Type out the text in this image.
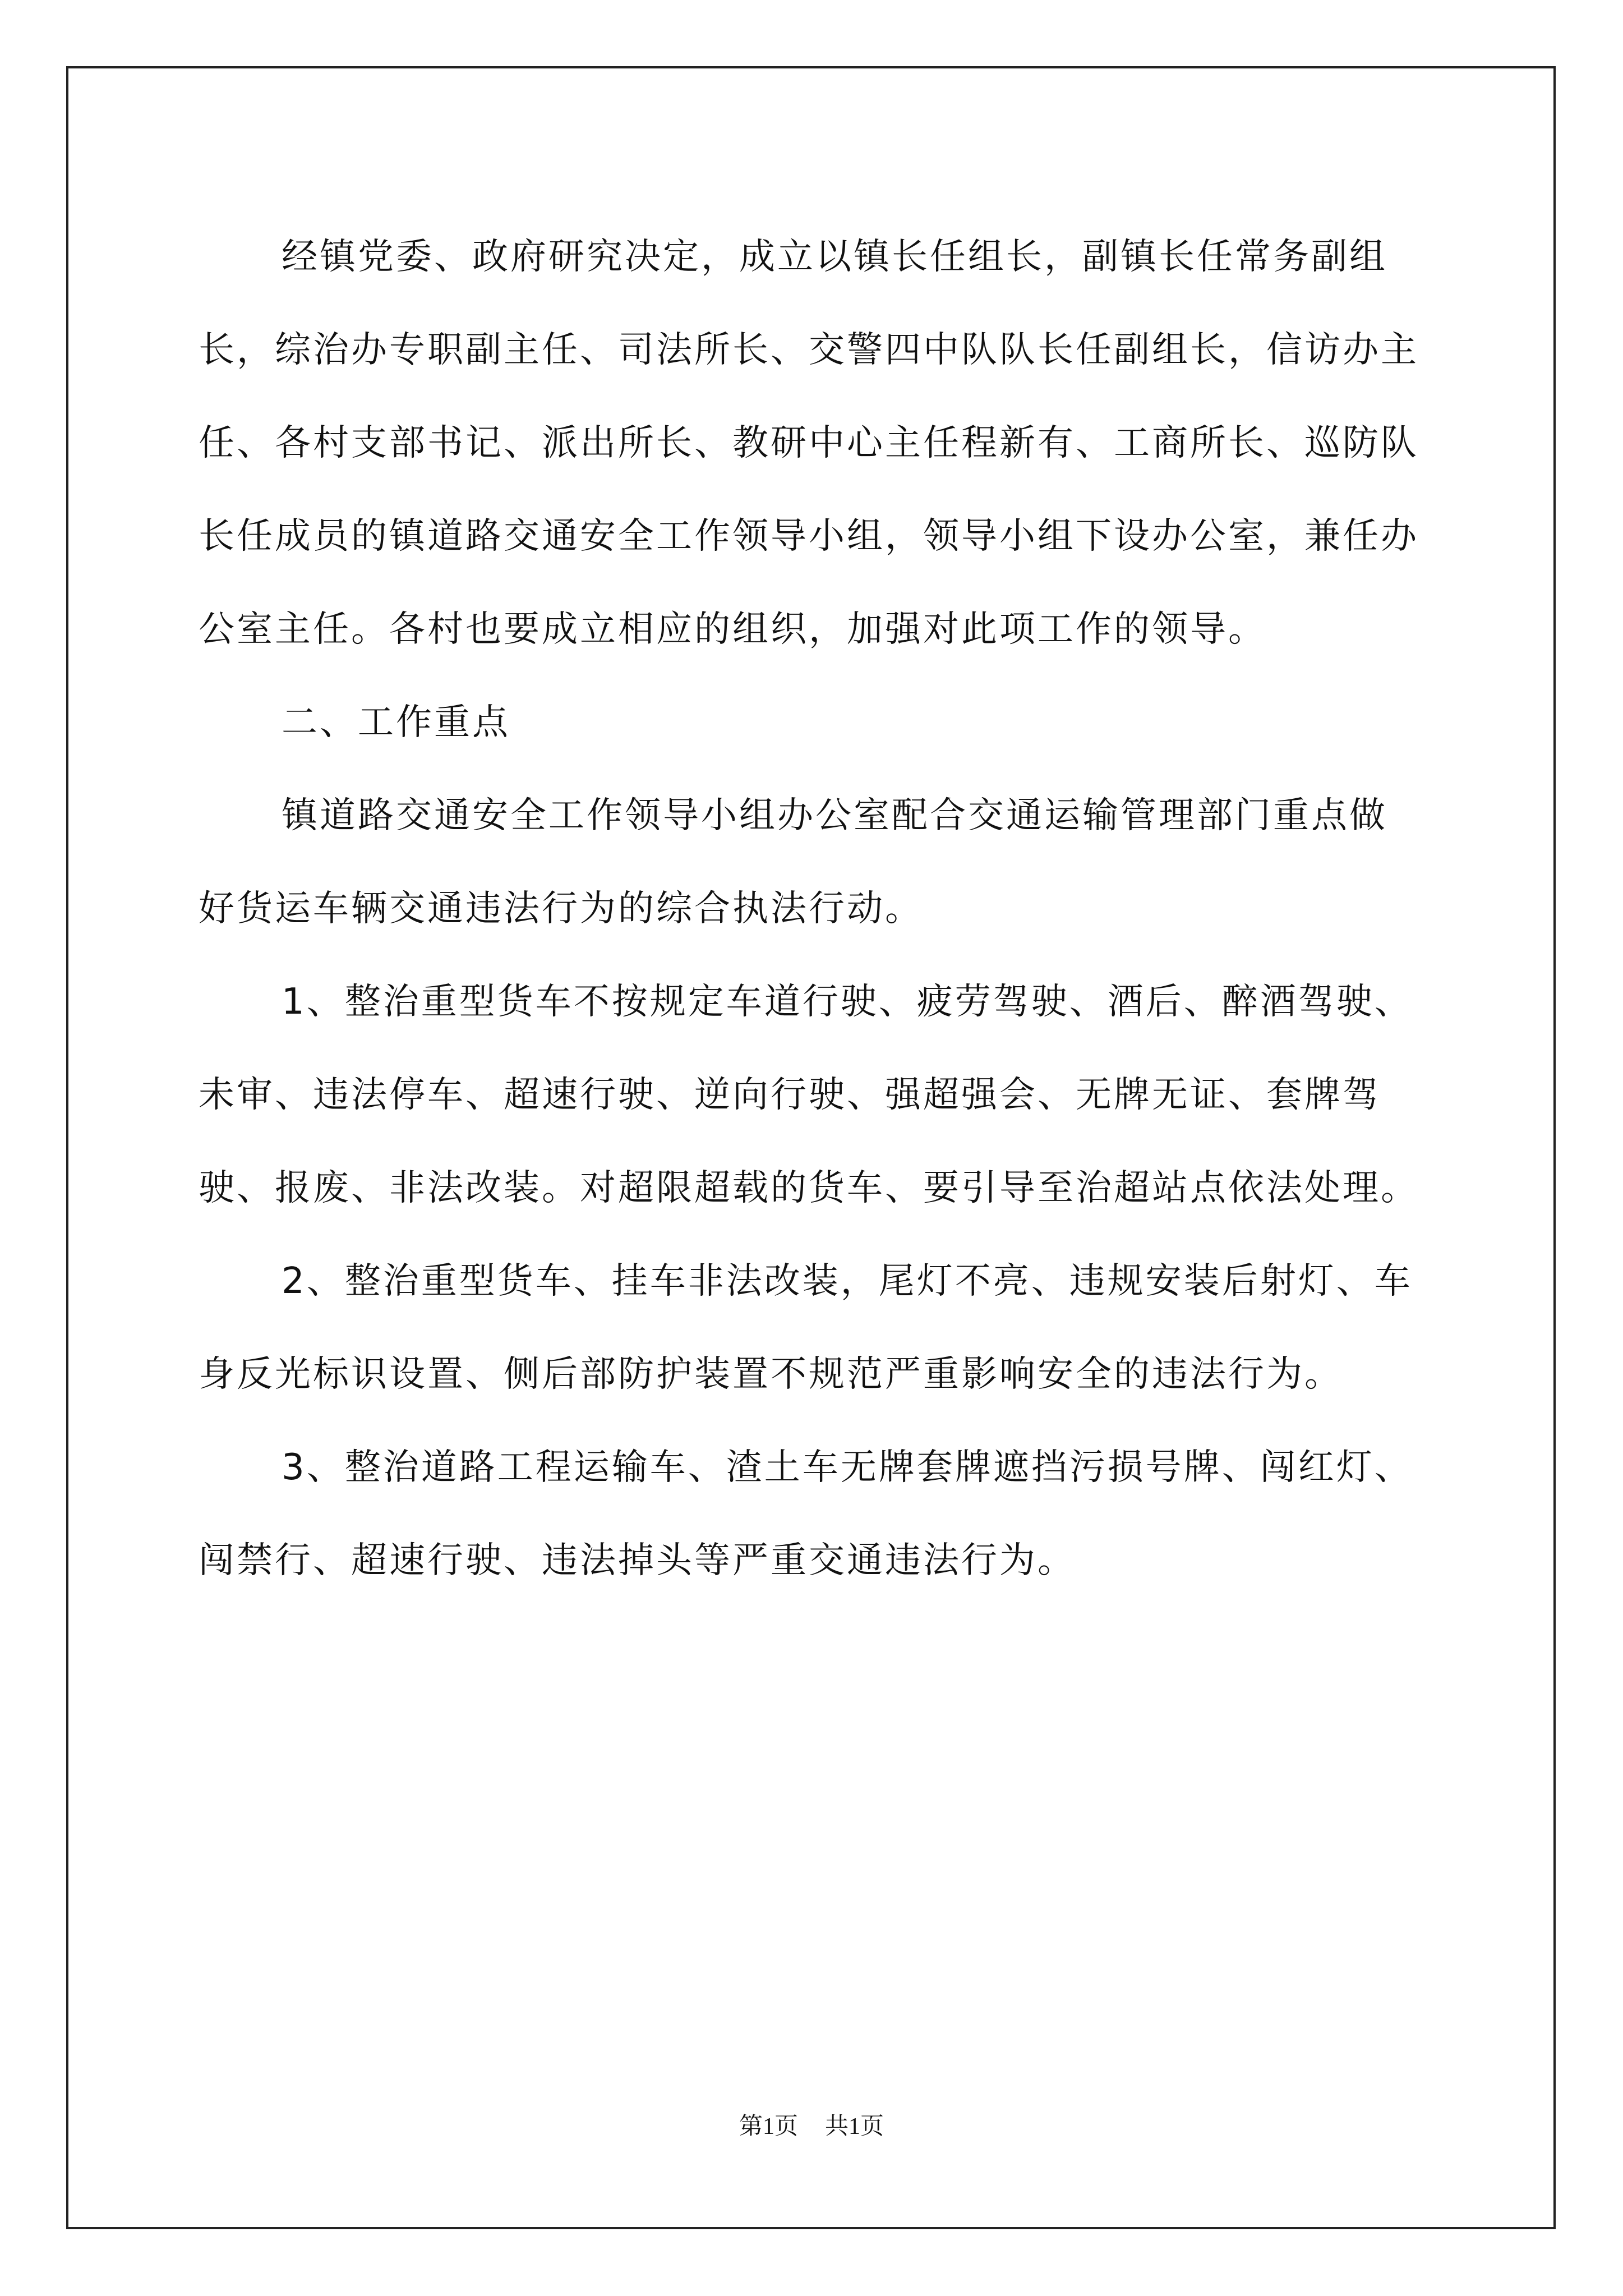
经镇党委、政府研究决定，成立以镇长任组长，副镇长任常务副组长，综治办专职副主任、司法所长、交警四中队队长任副组长，信访办主任、各村支部书记、派出所长、教研中心主任程新有、工商所长、巡防队长任成员的镇道路交通安全工作领导小组，领导小组下设办公室，兼任办公室主任。各村也要成立相应的组织，加强对此项工作的领导。

二、工作重点

镇道路交通安全工作领导小组办公室配合交通运输管理部门重点做好货运车辆交通违法行为的综合执法行动。

1、整治重型货车不按规定车道行驶、疲劳驾驶、酒后、醉酒驾驶、未审、违法停车、超速行驶、逆向行驶、强超强会、无牌无证、套牌驾驶、报废、非法改装。对超限超载的货车、要引导至治超站点依法处理。

2、整治重型货车、挂车非法改装，尾灯不亮、违规安装后射灯、车身反光标识设置、侧后部防护装置不规范严重影响安全的违法行为。

3、整治道路工程运输车、渣土车无牌套牌遮挡污损号牌、闯红灯、闯禁行、超速行驶、违法掉头等严重交通违法行为。

第1页 共1页
